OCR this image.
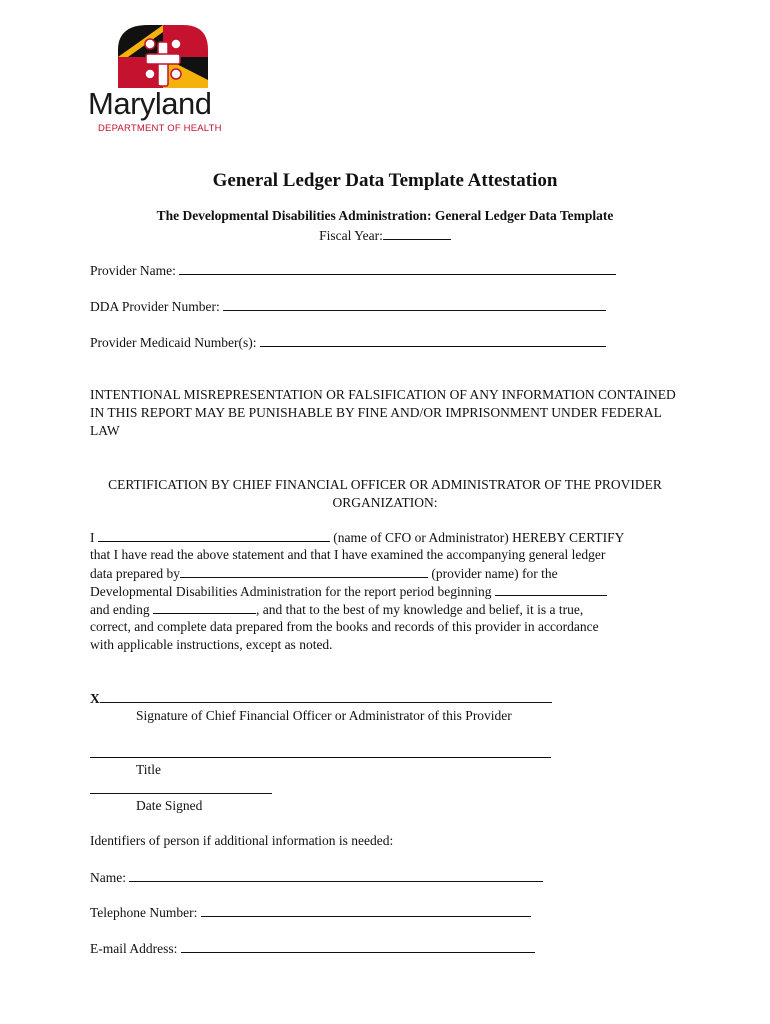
Maryland
DEPARTMENT OF HEALTH
General Ledger Data Template Attestation
The Developmental Disabilities Administration: General Ledger Data Template
Fiscal Year:
Provider Name:
DDA Provider Number:
Provider Medicaid Number(s):
INTENTIONAL MISREPRESENTATION OR FALSIFICATION OF ANY INFORMATION CONTAINED IN THIS REPORT MAY BE PUNISHABLE BY FINE AND/OR IMPRISONMENT UNDER FEDERAL LAW
CERTIFICATION BY CHIEF FINANCIAL OFFICER OR ADMINISTRATOR OF THE PROVIDER ORGANIZATION:
I	(name of CFO or Administrator) HEREBY CERTIFY
that I have read the above statement and that I have examined the accompanying general ledger
data prepared by	(provider name) for the
Developmental Disabilities Administration for the report period beginning
and ending	, and that to the best of my knowledge and belief, it is a true,
correct, and complete data prepared from the books and records of this provider in accordance
with applicable instructions, except as noted.
X
Signature of Chief Financial Officer or Administrator of this Provider
Title
Date Signed
Identifiers of person if additional information is needed:
Name:
Telephone Number:
E-mail Address:
